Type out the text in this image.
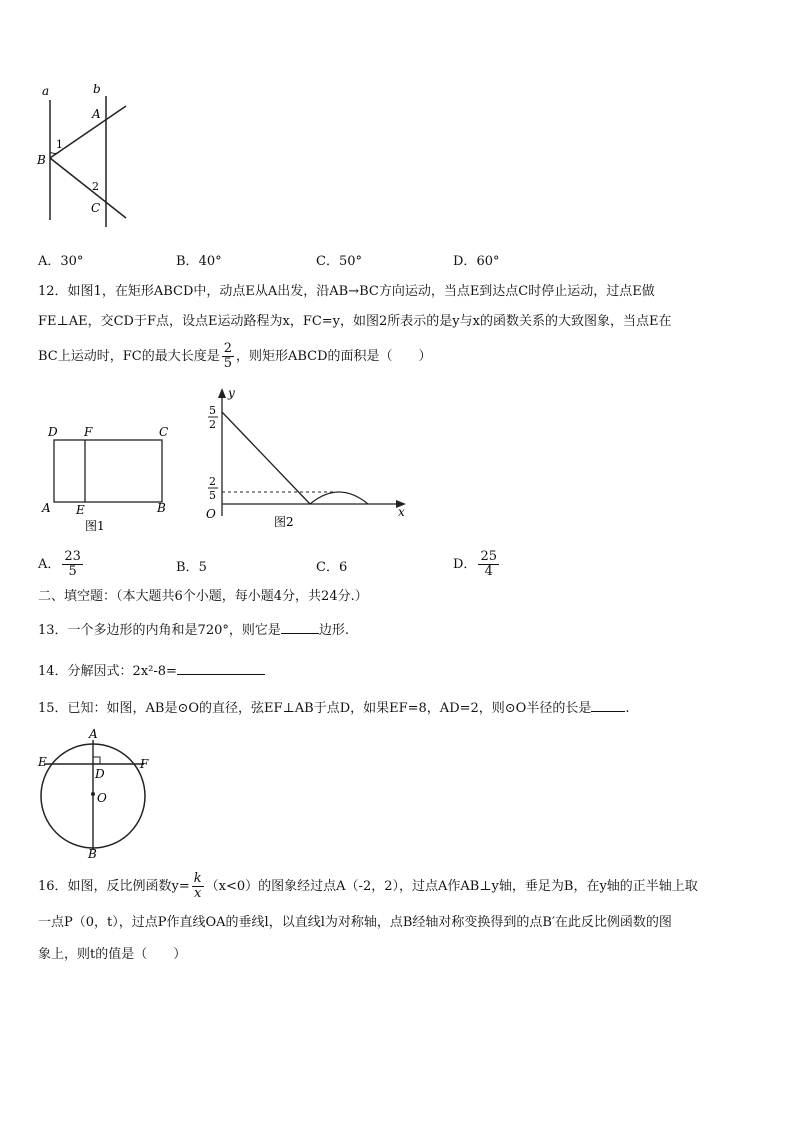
a	b
A
B
C
1
2
A．30°	B．40°	C．50°	D．60°
12．如图1，在矩形ABCD中，动点E从A出发，沿AB→BC方向运动，当点E到达点C时停止运动，过点E做
FE⊥AE，交CD于F点，设点E运动路程为x，FC=y，如图2所表示的是y与x的函数关系的大致图象，当点E在
BC上运动时，FC的最大长度是 $\frac{2}{5}$ ，则矩形ABCD的面积是（　　）
D F	C
A E	B
图1
y
x
O
5
2
2
5
图2
A． $\frac{23}{5}$	B．5	C．6	D． $\frac{25}{4}$
二、填空题：（本大题共6个小题，每小题4分，共24分.）
13．一个多边形的内角和是720°，则它是	边形.
14．分解因式：2x²-8=
15．已知：如图，AB是⊙O的直径，弦EF⊥AB于点D，如果EF=8，AD=2，则⊙O半径的长是	.
A
E	F
D
O
B
16．如图，反比例函数$y= \frac{k}{x} (x<0)$的图象经过点A（-2，2），过点A作AB⊥y轴，垂足为B，在y轴的正半轴上取
一点P（0，t），过点P作直线OA的垂线l，以直线l为对称轴，点B经轴对称变换得到的点B′在此反比例函数的图
象上，则t的值是（　　）
